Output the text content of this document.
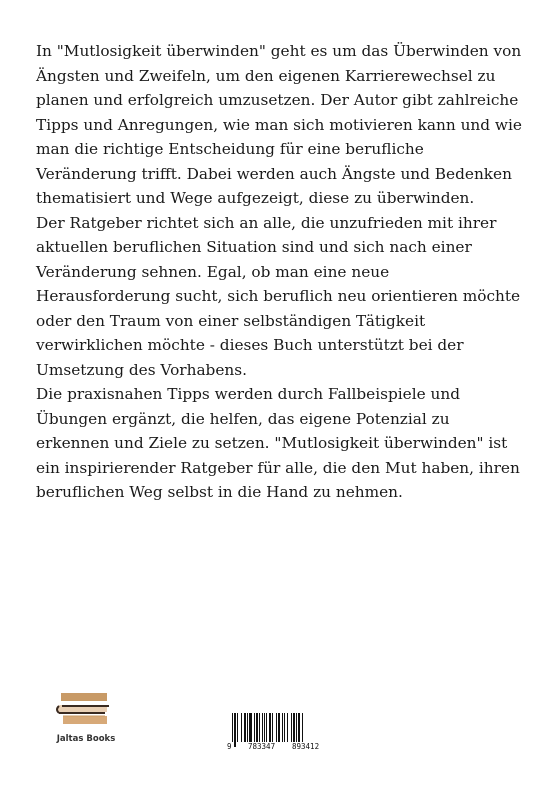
In "Mutlosigkeit überwinden" geht es um das Überwinden von Ängsten und Zweifeln, um den eigenen Karrierewechsel zu planen und erfolgreich umzusetzen. Der Autor gibt zahlreiche Tipps und Anregungen, wie man sich motivieren kann und wie man die richtige Entscheidung für eine berufliche Veränderung trifft. Dabei werden auch Ängste und Bedenken thematisiert und Wege aufgezeigt, diese zu überwinden.

Der Ratgeber richtet sich an alle, die unzufrieden mit ihrer aktuellen beruflichen Situation sind und sich nach einer Veränderung sehnen. Egal, ob man eine neue Herausforderung sucht, sich beruflich neu orientieren möchte oder den Traum von einer selbständigen Tätigkeit verwirklichen möchte - dieses Buch unterstützt bei der Umsetzung des Vorhabens.

Die praxisnahen Tipps werden durch Fallbeispiele und Übungen ergänzt, die helfen, das eigene Potenzial zu erkennen und Ziele zu setzen. "Mutlosigkeit überwinden" ist ein inspirierender Ratgeber für alle, die den Mut haben, ihren beruflichen Weg selbst in die Hand zu nehmen.

Jaltas Books
9 783347 893412
